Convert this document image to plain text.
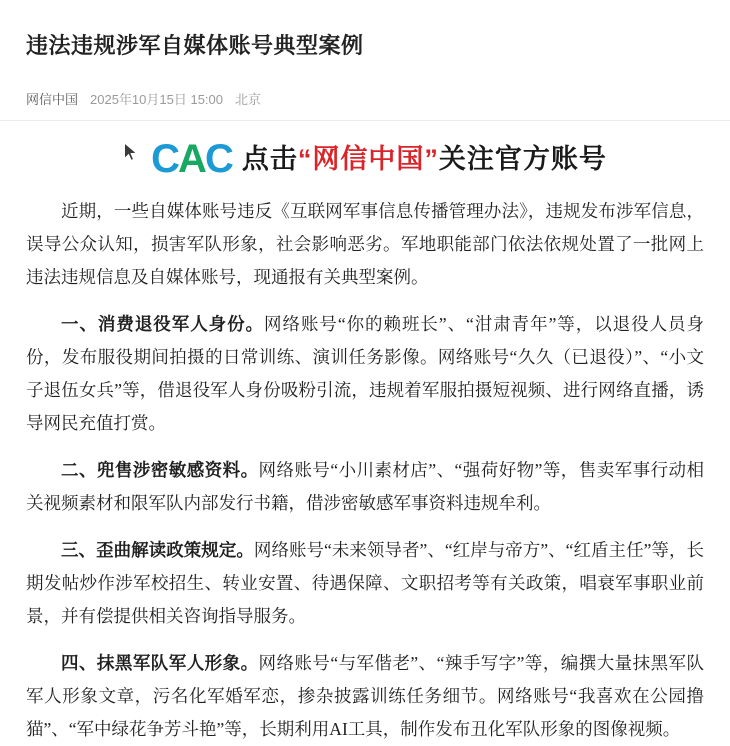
违法违规涉军自媒体账号典型案例
网信中国 2025年10月15日 15:00 北京
C A C 点击“网信中国”关注官方账号

近期，一些自媒体账号违反《互联网军事信息传播管理办法》，违规发布涉军信息，误导公众认知，损害军队形象，社会影响恶劣。军地职能部门依法依规处置了一批网上违法违规信息及自媒体账号，现通报有关典型案例。

一、消费退役军人身份。网络账号“你的赖班长”、“泔肃青年”等，以退役人员身份，发布服役期间拍摄的日常训练、演训任务影像。网络账号“久久（已退役）”、“小文子退伍女兵”等，借退役军人身份吸粉引流，违规着军服拍摄短视频、进行网络直播，诱导网民充值打赏。

二、兜售涉密敏感资料。网络账号“小川素材店”、“强荷好物”等，售卖军事行动相关视频素材和限军队内部发行书籍，借涉密敏感军事资料违规牟利。

三、歪曲解读政策规定。网络账号“未来领导者”、“红岸与帝方”、“红盾主任”等，长期发帖炒作涉军校招生、转业安置、待遇保障、文职招考等有关政策，唱衰军事职业前景，并有偿提供相关咨询指导服务。

四、抹黑军队军人形象。网络账号“与军偕老”、“辣手写字”等，编撰大量抹黑军队军人形象文章，污名化军婚军恋，掺杂披露训练任务细节。网络账号“我喜欢在公园撸猫”、“军中绿花争芳斗艳”等，长期利用AI工具，制作发布丑化军队形象的图像视频。
